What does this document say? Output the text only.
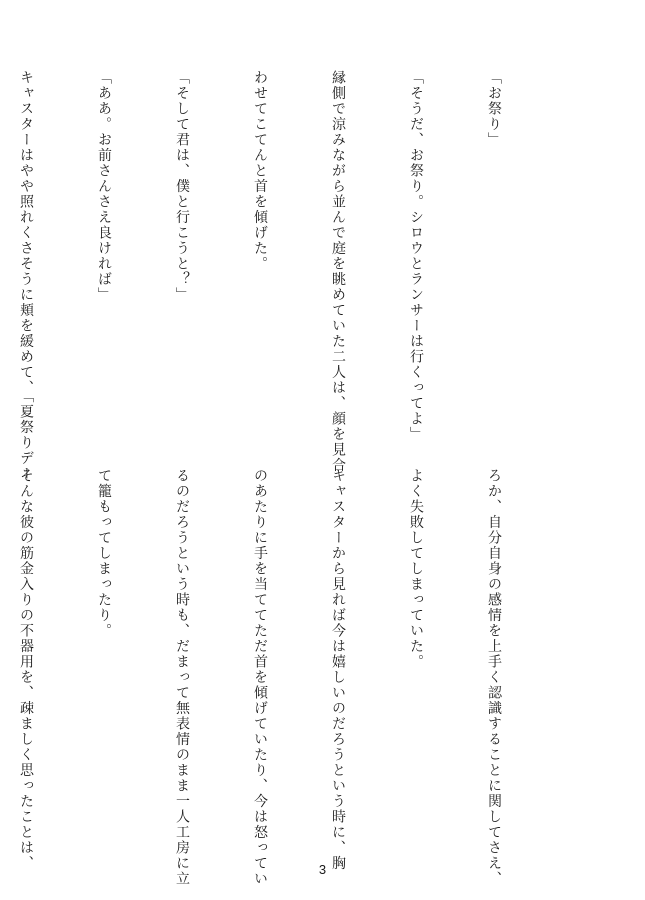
「お祭り」

「そうだ、お祭り。シロウとランサーは行くってよ」

縁側で涼みながら並んで庭を眺めていた二人は、顔を見合

わせてこてんと首を傾げた。

「そして君は、僕と行こうと？」

「ああ。お前さんさえ良ければ」

キャスターはやや照れくさそうに頬を緩めて、「夏祭りデー

ろか、自分自身の感情を上手く認識することに関してさえ、

よく失敗してしまっていた。

キャスターから見れば今は嬉しいのだろうという時に、胸

のあたりに手を当ててただ首を傾げていたり、今は怒ってい

るのだろうという時も、だまって無表情のまま一人工房に立

て籠もってしまったり。

そんな彼の筋金入りの不器用を、疎ましく思ったことは、

	3
